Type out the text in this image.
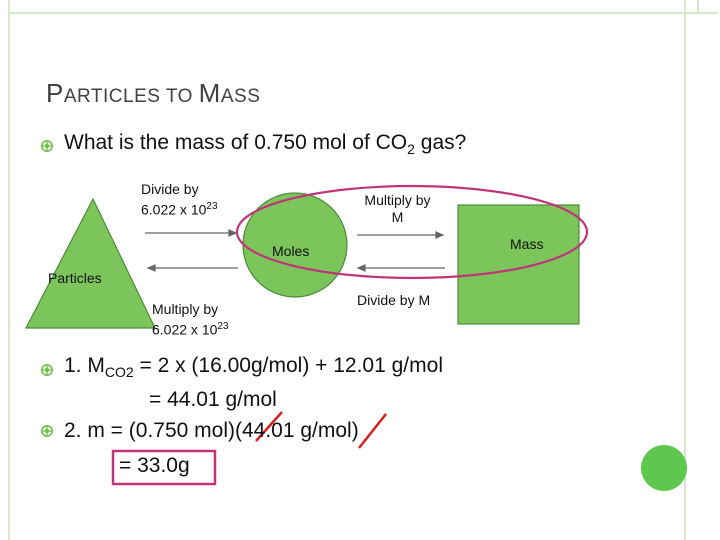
PARTICLES TO MASS
What is the mass of 0.750 mol of $CO_2$ gas?
Divide by
6.022 x $10^{23}$	Multiply by
M
Moles	Mass
Particles
Multiply by
6.022 x $10^{23}$
Divide by M
1. $M_{CO2} = 2$ x (16.00g/mol) + 12.01 g/mol
= 44.01 g/mol
2. m = (0.750 mol)(44.01 g/mol)
= 33.0g
